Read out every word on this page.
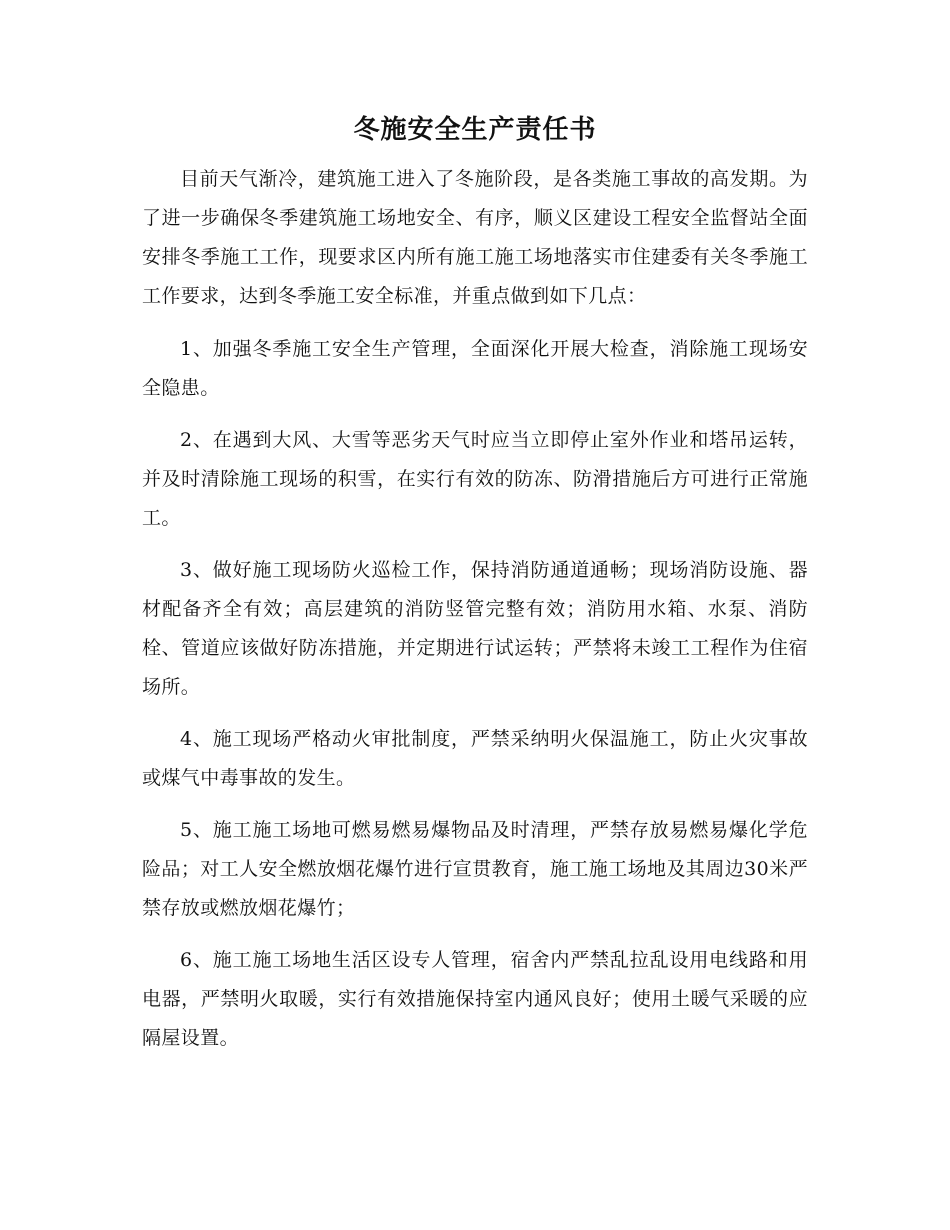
冬施安全生产责任书

目前天气渐冷，建筑施工进入了冬施阶段，是各类施工事故的高发期。为了进一步确保冬季建筑施工场地安全、有序，顺义区建设工程安全监督站全面安排冬季施工工作，现要求区内所有施工施工场地落实市住建委有关冬季施工工作要求，达到冬季施工安全标准，并重点做到如下几点：

1、加强冬季施工安全生产管理，全面深化开展大检查，消除施工现场安全隐患。

2、在遇到大风、大雪等恶劣天气时应当立即停止室外作业和塔吊运转，并及时清除施工现场的积雪，在实行有效的防冻、防滑措施后方可进行正常施工。

3、做好施工现场防火巡检工作，保持消防通道通畅；现场消防设施、器材配备齐全有效；高层建筑的消防竖管完整有效；消防用水箱、水泵、消防栓、管道应该做好防冻措施，并定期进行试运转；严禁将未竣工工程作为住宿场所。

4、施工现场严格动火审批制度，严禁采纳明火保温施工，防止火灾事故或煤气中毒事故的发生。

5、施工施工场地可燃易燃易爆物品及时清理，严禁存放易燃易爆化学危险品；对工人安全燃放烟花爆竹进行宣贯教育，施工施工场地及其周边30米严禁存放或燃放烟花爆竹；

6、施工施工场地生活区设专人管理，宿舍内严禁乱拉乱设用电线路和用电器，严禁明火取暖，实行有效措施保持室内通风良好；使用土暖气采暖的应隔屋设置。
